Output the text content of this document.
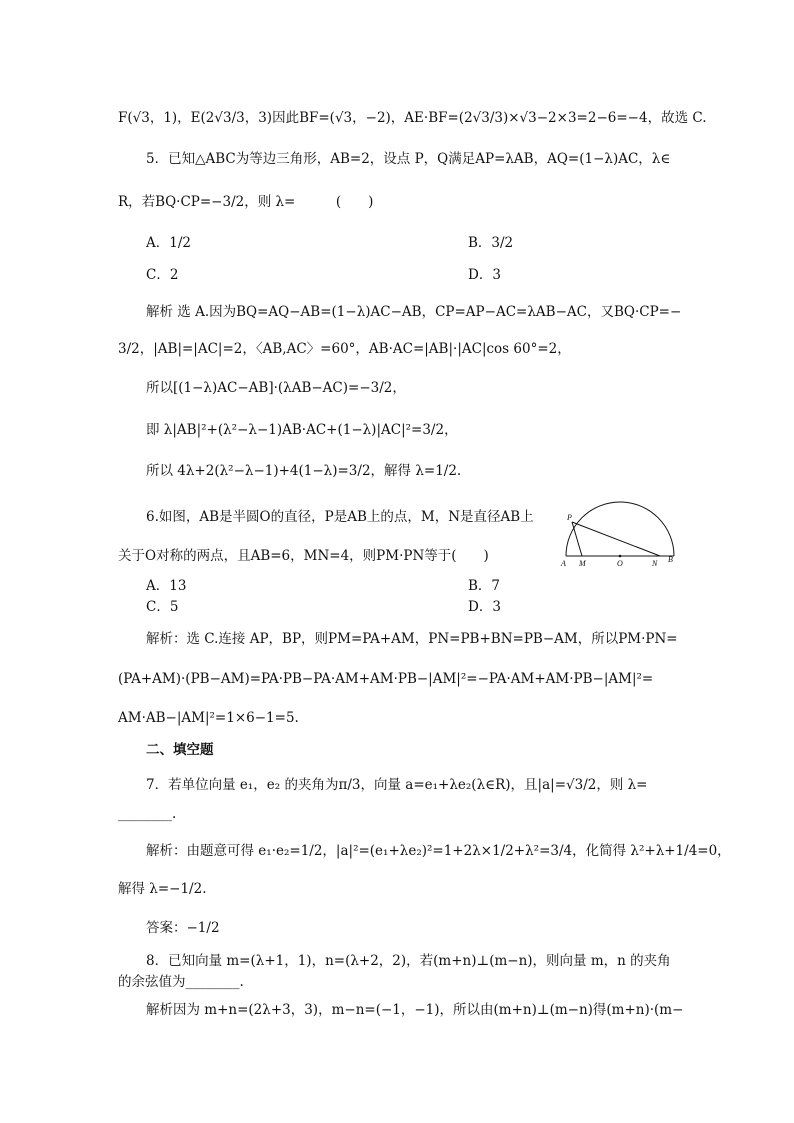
F(√3，1)，E(2√3/3，3)因此BF=(√3，−2)，AE·BF=(2√3/3)×√3−2×3=2−6=−4，故选 C.
5．已知△ABC为等边三角形，AB=2，设点 P，Q满足AP=λAB，AQ=(1−λ)AC，λ∈
R，若BQ·CP=−3/2，则 λ=　　　(　　)
A．1/2	B．3/2
C．2	D．3
解析 选 A.因为BQ=AQ−AB=(1−λ)AC−AB，CP=AP−AC=λAB−AC，又BQ·CP=−
3/2，|AB|=|AC|=2，〈AB,AC〉=60°，AB·AC=|AB|·|AC|cos 60°=2，
所以[(1−λ)AC−AB]·(λAB−AC)=−3/2，
即 λ|AB|²+(λ²−λ−1)AB·AC+(1−λ)|AC|²=3/2，
所以 4λ+2(λ²−λ−1)+4(1−λ)=3/2，解得 λ=1/2.
6.如图，AB是半圆O的直径，P是AB上的点，M，N是直径AB上
关于O对称的两点，且AB=6，MN=4，则PM·PN等于(　　)
P
A M	O	N B
A．13	B．7
C．5	D．3
解析：选 C.连接 AP，BP，则PM=PA+AM，PN=PB+BN=PB−AM，所以PM·PN=
(PA+AM)·(PB−AM)=PA·PB−PA·AM+AM·PB−|AM|²=−PA·AM+AM·PB−|AM|²=
AM·AB−|AM|²=1×6−1=5.
二、填空题
7．若单位向量 e₁，e₂ 的夹角为π/3，向量 a=e₁+λe₂(λ∈R)，且|a|=√3/2，则 λ=
________.
解析：由题意可得 e₁·e₂=1/2，|a|²=(e₁+λe₂)²=1+2λ×1/2+λ²=3/4，化简得 λ²+λ+1/4=0，
解得 λ=−1/2.
答案：−1/2
8．已知向量 m=(λ+1，1)，n=(λ+2，2)，若(m+n)⊥(m−n)，则向量 m，n 的夹角
的余弦值为________.
解析因为 m+n=(2λ+3，3)，m−n=(−1，−1)，所以由(m+n)⊥(m−n)得(m+n)·(m−
